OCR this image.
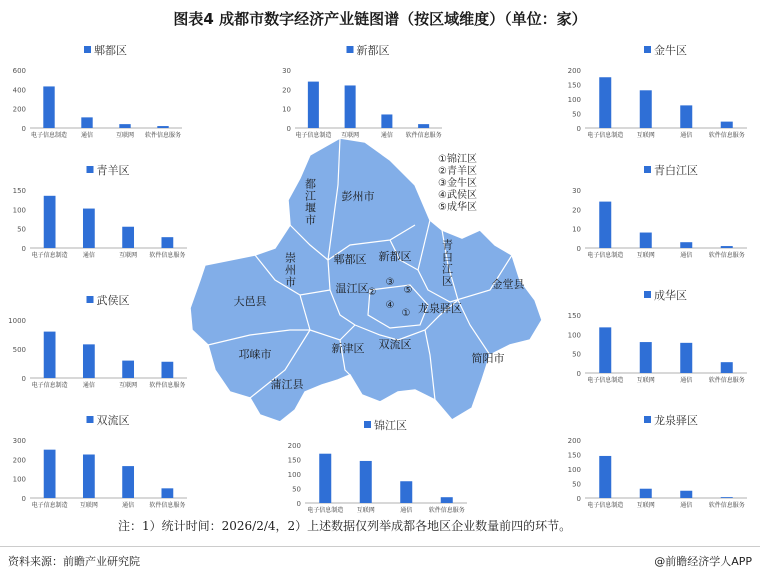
图表4 成都市数字经济产业链图谱（按区域维度）（单位：家）
郫都区
0
200
400
600
电子信息制造 通信	互联网 软件信息服务
新都区
0
10
20
30
电子信息制造 互联网	通信 软件信息服务
金牛区
0
50
100
150
200
电子信息制造 互联网	通信	软件信息服务
青羊区
0
50
100
150
电子信息制造	通信	互联网 软件信息服务
青白江区
0
10
20
30
电子信息制造 互联网	通信	软件信息服务
武侯区
0
500
1000
电子信息制造	通信	互联网 软件信息服务
成华区
0
50
100
150
电子信息制造 互联网	通信	软件信息服务
双流区
0
100
200
300
电子信息制造 互联网	通信	软件信息服务
锦江区
0
50
100
150
200
电子信息制造 互联网	通信	软件信息服务
龙泉驿区
0
50
100
150
200
电子信息制造 互联网	通信	软件信息服务
彭州市
都江堰市
崇州市	郫都区 新都区	青白江区	金堂县
温江区
龙泉驿区
大邑县
邛崃市	新津区 双流区
简阳市
蒲江县
①
②
③
④
⑤
①锦江区
②青羊区
③金牛区
④武侯区
⑤成华区
注：1）统计时间：2026/2/4，2）上述数据仅列举成都各地区企业数量前四的环节。
资料来源：前瞻产业研究院	@前瞻经济学人APP
